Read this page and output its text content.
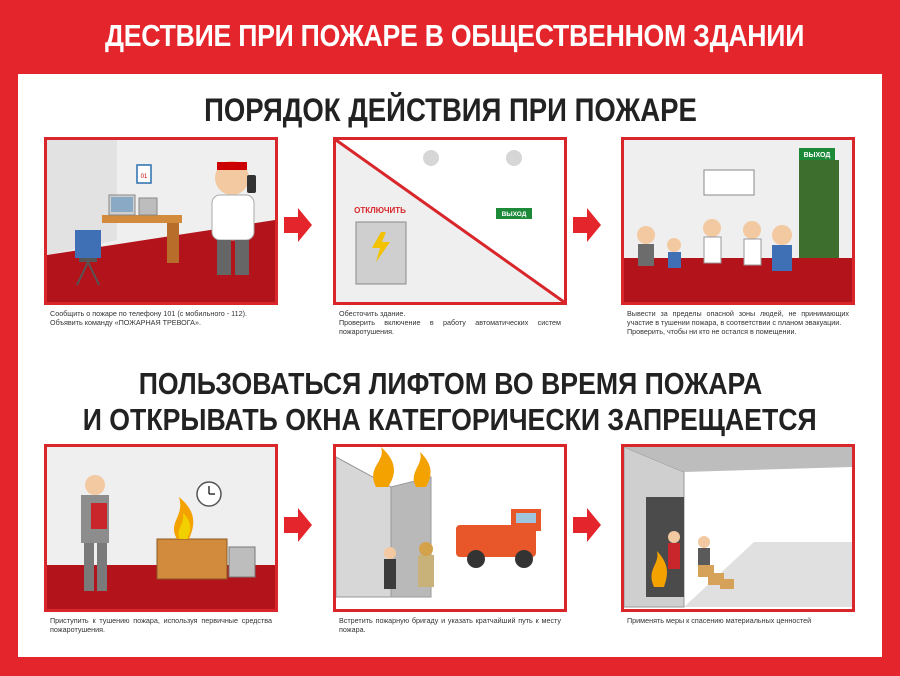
ДЕСТВИЕ ПРИ ПОЖАРЕ В ОБЩЕСТВЕННОМ ЗДАНИИ
ПОРЯДОК ДЕЙСТВИЯ ПРИ ПОЖАРЕ
ПОЛЬЗОВАТЬСЯ ЛИФТОМ ВО ВРЕМЯ ПОЖАРА
И ОТКРЫВАТЬ ОКНА КАТЕГОРИЧЕСКИ ЗАПРЕЩАЕТСЯ
01
Сообщить о пожаре по телефону 101 (с мобильного - 112).
Объявить команду «ПОЖАРНАЯ ТРЕВОГА».
ВЫХОД
ОТКЛЮЧИТЬ
Обесточить здание.
Проверить включение в работу автоматических систем пожаротушения.
ВЫХОД
Вывести за пределы опасной зоны людей, не принимающих участие в тушении пожара, в соответствии с планом эвакуации.
Проверить, чтобы ни кто не остался в помещении.
Приступить к тушению пожара, используя первичные средства пожаротушения.
Встретить пожарную бригаду и указать кратчайший путь к месту пожара.
Применять меры к спасению материальных ценностей
